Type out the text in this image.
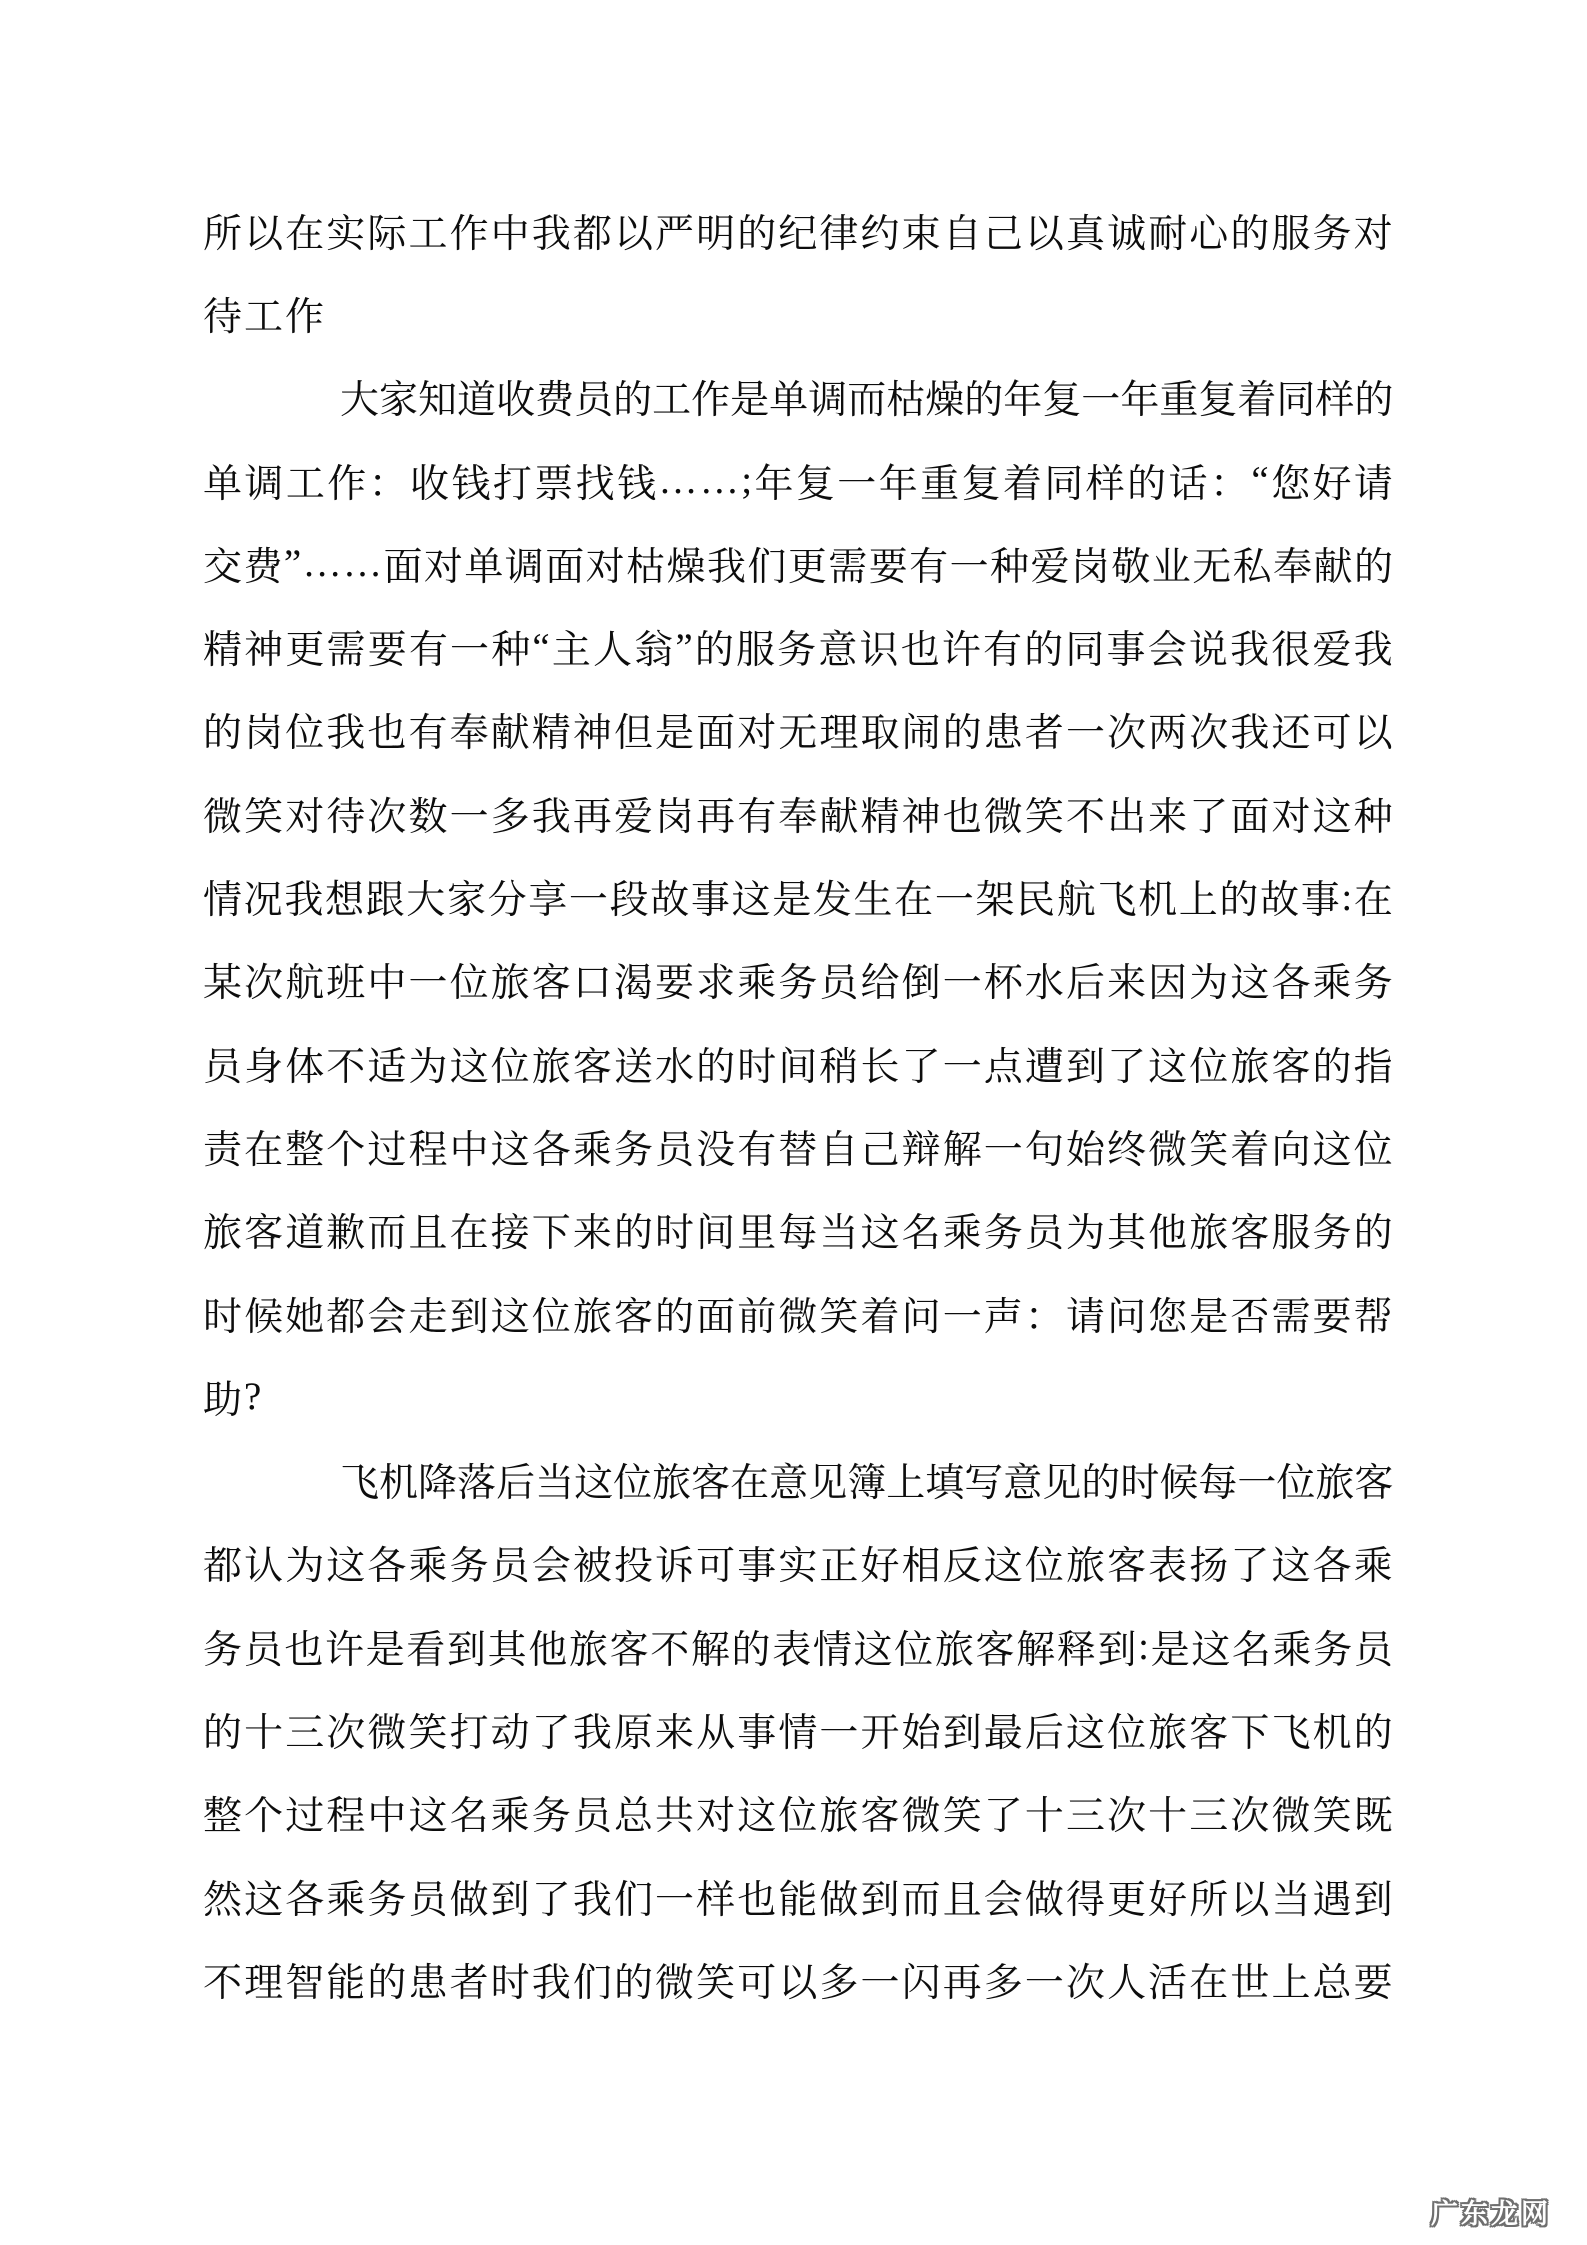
所 以 在 实 际 工 作 中 我 都 以 严 明 的 纪 律 约 束 自 己 以 真 诚 耐 心 的 服 务 对
待 工 作
大 家 知 道 收 费 员 的 工 作 是 单 调 而 枯 燥 的 年 复 一 年 重 复 着 同 样 的
单 调 工 作 ： 收 钱 打 票 找 钱 … … ; 年 复 一 年 重 复 着 同 样 的 话 ： “ 您 好 请
交 费 ” … … 面 对 单 调 面 对 枯 燥 我 们 更 需 要 有 一 种 爱 岗 敬 业 无 私 奉 献 的
精 神 更 需 要 有 一 种 “ 主 人 翁 ” 的 服 务 意 识 也 许 有 的 同 事 会 说 我 很 爱 我
的 岗 位 我 也 有 奉 献 精 神 但 是 面 对 无 理 取 闹 的 患 者 一 次 两 次 我 还 可 以
微 笑 对 待 次 数 一 多 我 再 爱 岗 再 有 奉 献 精 神 也 微 笑 不 出 来 了 面 对 这 种
情 况 我 想 跟 大 家 分 享 一 段 故 事 这 是 发 生 在 一 架 民 航 飞 机 上 的 故 事 : 在
某 次 航 班 中 一 位 旅 客 口 渴 要 求 乘 务 员 给 倒 一 杯 水 后 来 因 为 这 各 乘 务
员 身 体 不 适 为 这 位 旅 客 送 水 的 时 间 稍 长 了 一 点 遭 到 了 这 位 旅 客 的 指
责 在 整 个 过 程 中 这 各 乘 务 员 没 有 替 自 己 辩 解 一 句 始 终 微 笑 着 向 这 位
旅 客 道 歉 而 且 在 接 下 来 的 时 间 里 每 当 这 名 乘 务 员 为 其 他 旅 客 服 务 的
时 候 她 都 会 走 到 这 位 旅 客 的 面 前 微 笑 着 问 一 声 ： 请 问 您 是 否 需 要 帮
助 ?
飞 机 降 落 后 当 这 位 旅 客 在 意 见 簿 上 填 写 意 见 的 时 候 每 一 位 旅 客
都 认 为 这 各 乘 务 员 会 被 投 诉 可 事 实 正 好 相 反 这 位 旅 客 表 扬 了 这 各 乘
务 员 也 许 是 看 到 其 他 旅 客 不 解 的 表 情 这 位 旅 客 解 释 到 : 是 这 名 乘 务 员
的 十 三 次 微 笑 打 动 了 我 原 来 从 事 情 一 开 始 到 最 后 这 位 旅 客 下 飞 机 的
整 个 过 程 中 这 名 乘 务 员 总 共 对 这 位 旅 客 微 笑 了 十 三 次 十 三 次 微 笑 既
然 这 各 乘 务 员 做 到 了 我 们 一 样 也 能 做 到 而 且 会 做 得 更 好 所 以 当 遇 到
不 理 智 能 的 患 者 时 我 们 的 微 笑 可 以 多 一 闪 再 多 一 次 人 活 在 世 上 总 要
广东龙网
